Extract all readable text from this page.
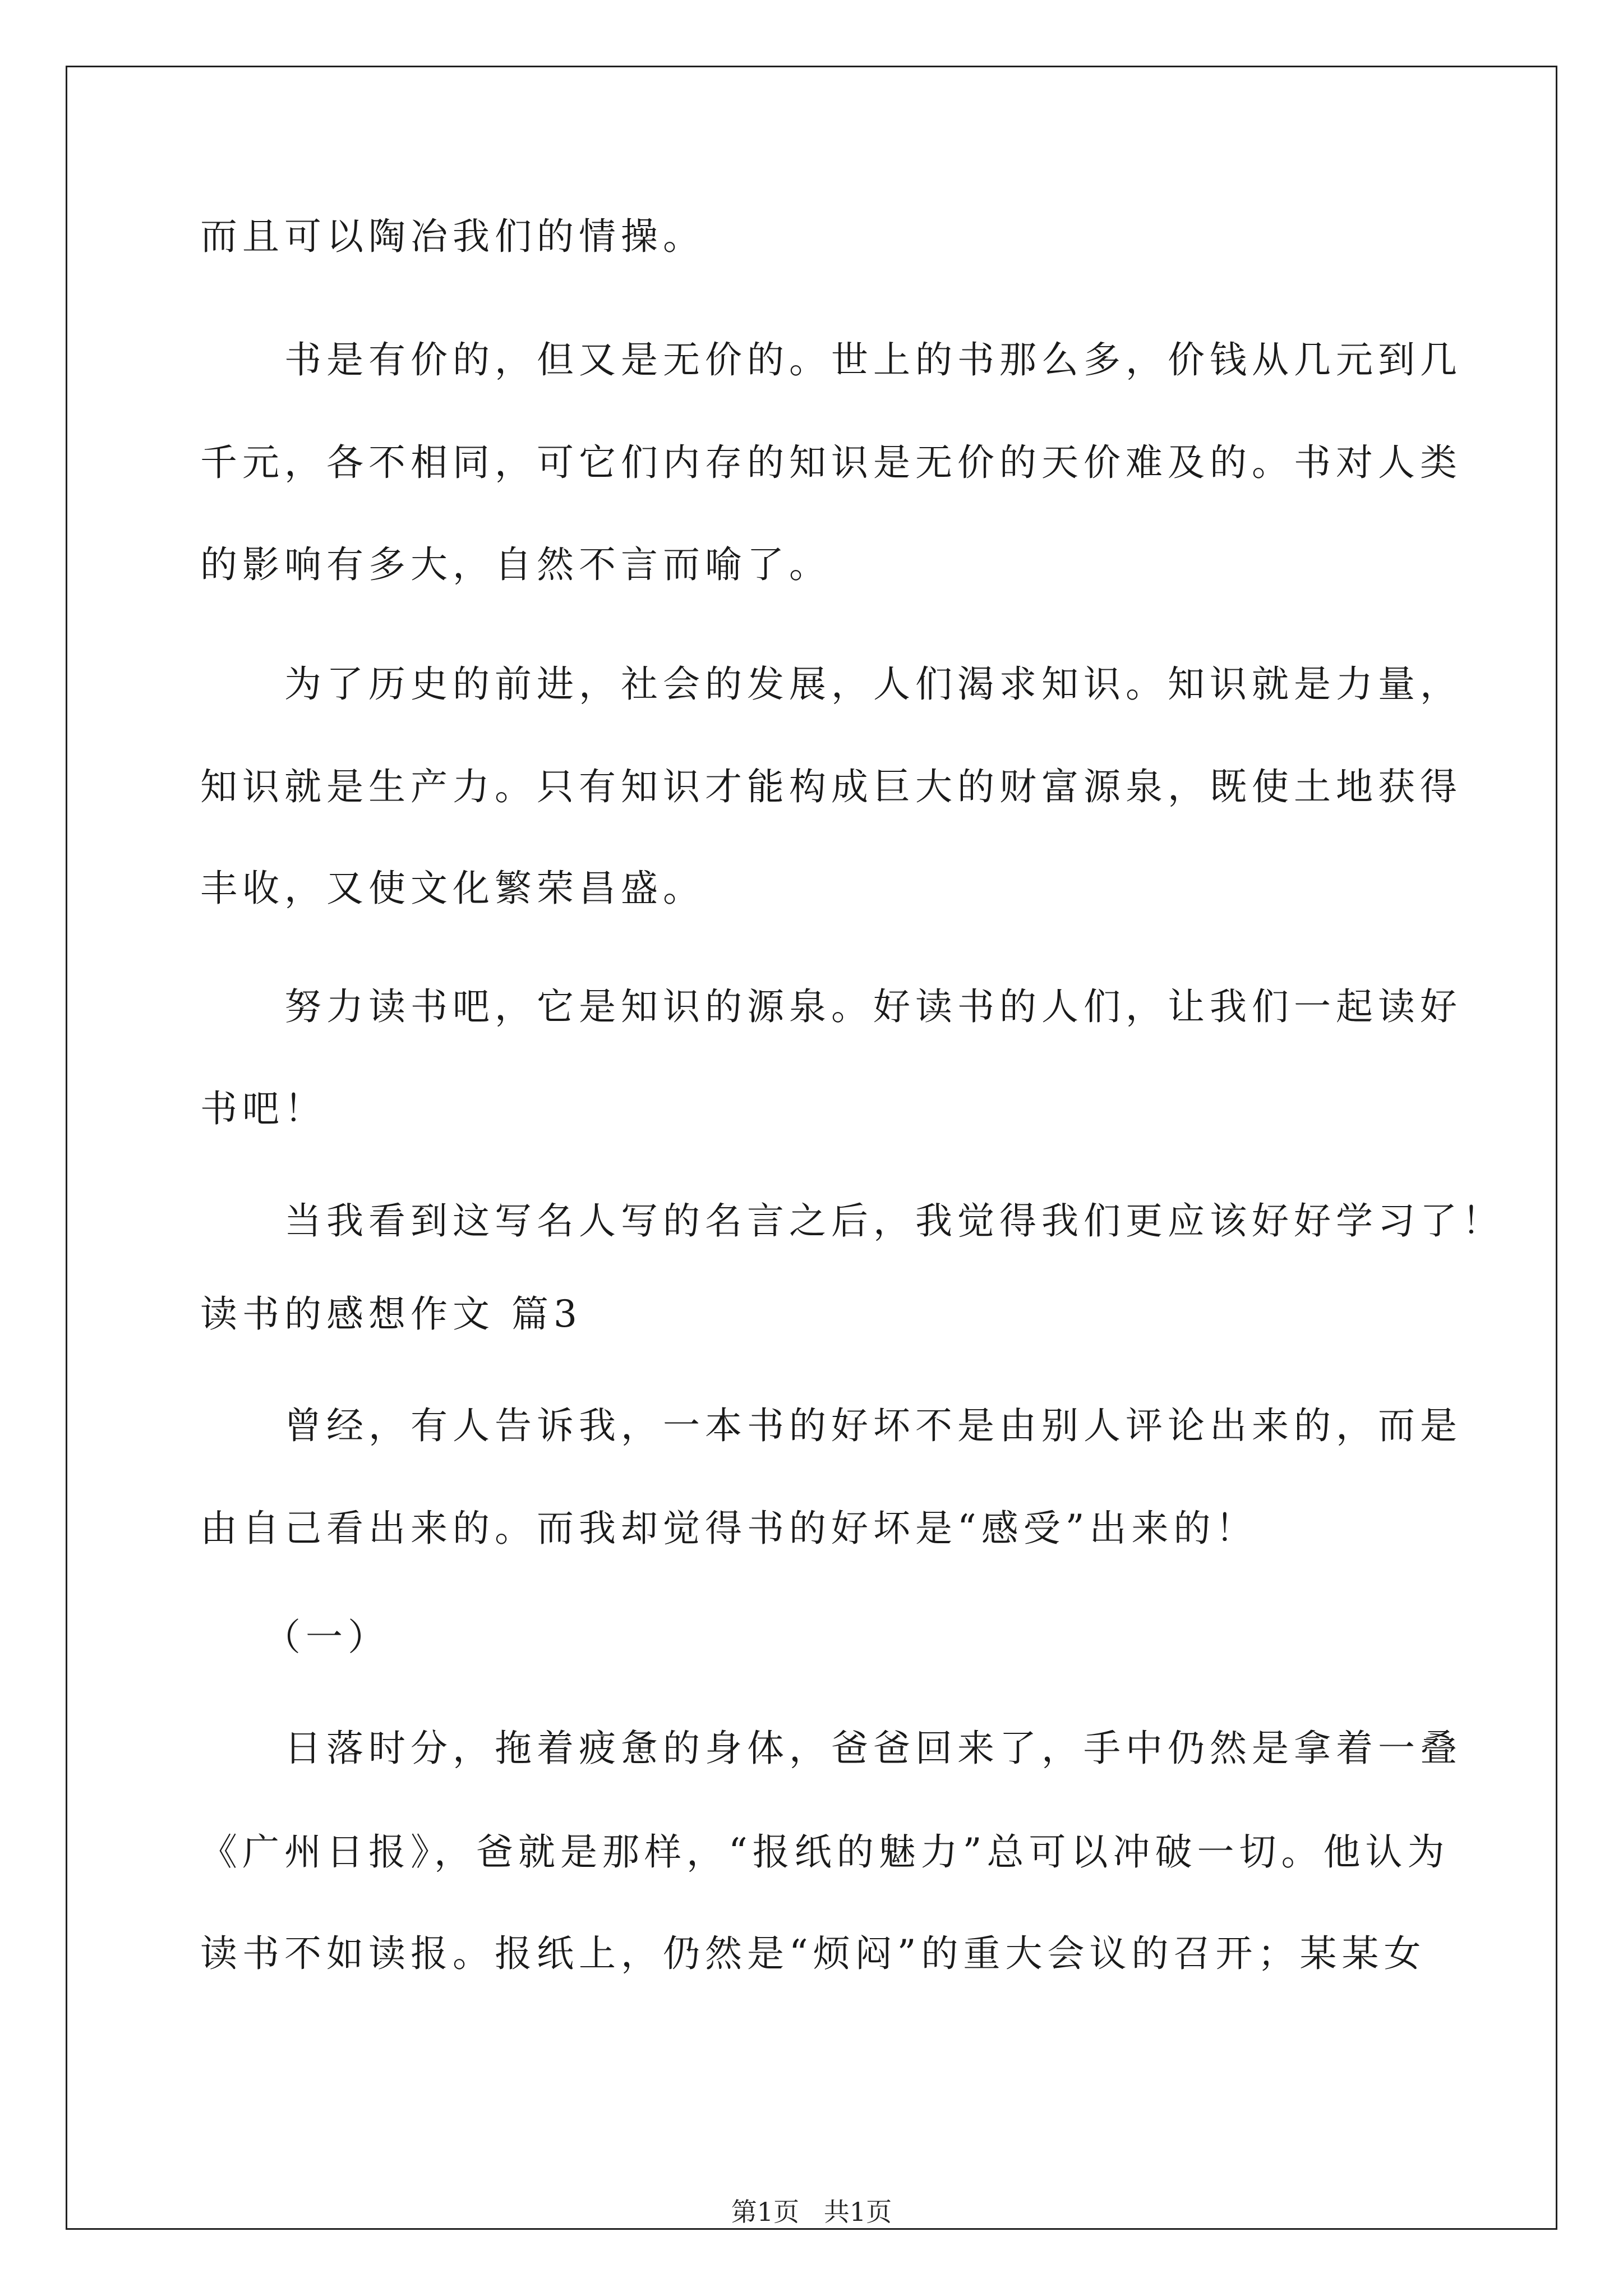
而且可以陶冶我们的情操。
书是有价的，但又是无价的。世上的书那么多，价钱从几元到几
千元，各不相同，可它们内存的知识是无价的天价难及的。书对人类
的影响有多大，自然不言而喻了。
为了历史的前进，社会的发展，人们渴求知识。知识就是力量，
知识就是生产力。只有知识才能构成巨大的财富源泉，既使土地获得
丰收，又使文化繁荣昌盛。
努力读书吧，它是知识的源泉。好读书的人们，让我们一起读好
书吧！
当我看到这写名人写的名言之后，我觉得我们更应该好好学习了！
读书的感想作文 篇3
曾经，有人告诉我，一本书的好坏不是由别人评论出来的，而是
由自己看出来的。而我却觉得书的好坏是“感受”出来的！
（一）
日落时分，拖着疲惫的身体，爸爸回来了，手中仍然是拿着一叠
《广州日报》，爸就是那样，“报纸的魅力”总可以冲破一切。他认为
读书不如读报。报纸上，仍然是“烦闷”的重大会议的召开；某某女
第1页   共1页
